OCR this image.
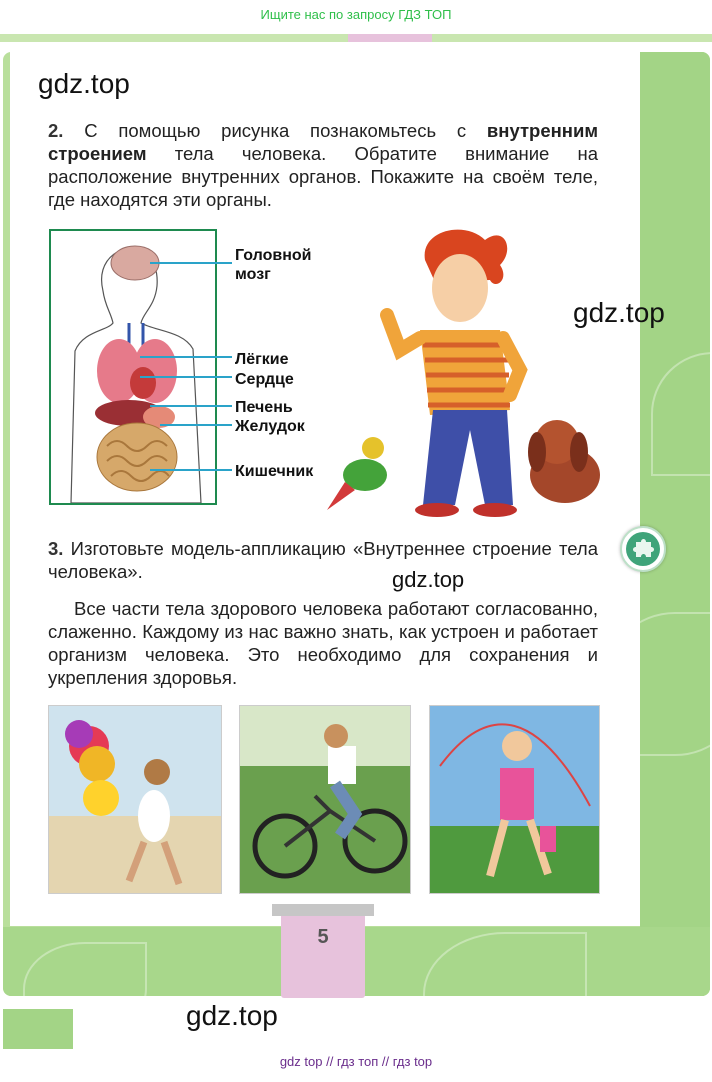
Ищите нас по запросу ГДЗ ТОП
gdz.top
2. С помощью рисунка познакомьтесь с внутренним строением тела человека. Обратите внимание на расположение внутренних органов. Покажите на своём теле, где находятся эти органы.
Головной мозг
Лёгкие
Сердце
Печень
Желудок
Кишечник
gdz.top
3. Изготовьте модель-аппликацию «Внутреннее строение тела человека».	gdz.top
Все части тела здорового человека работают согласованно, слаженно. Каждому из нас важно знать, как устроен и работает организм человека. Это необходимо для сохранения и укрепления здоровья.
5
gdz.top
gdz top // гдз топ // гдз top
